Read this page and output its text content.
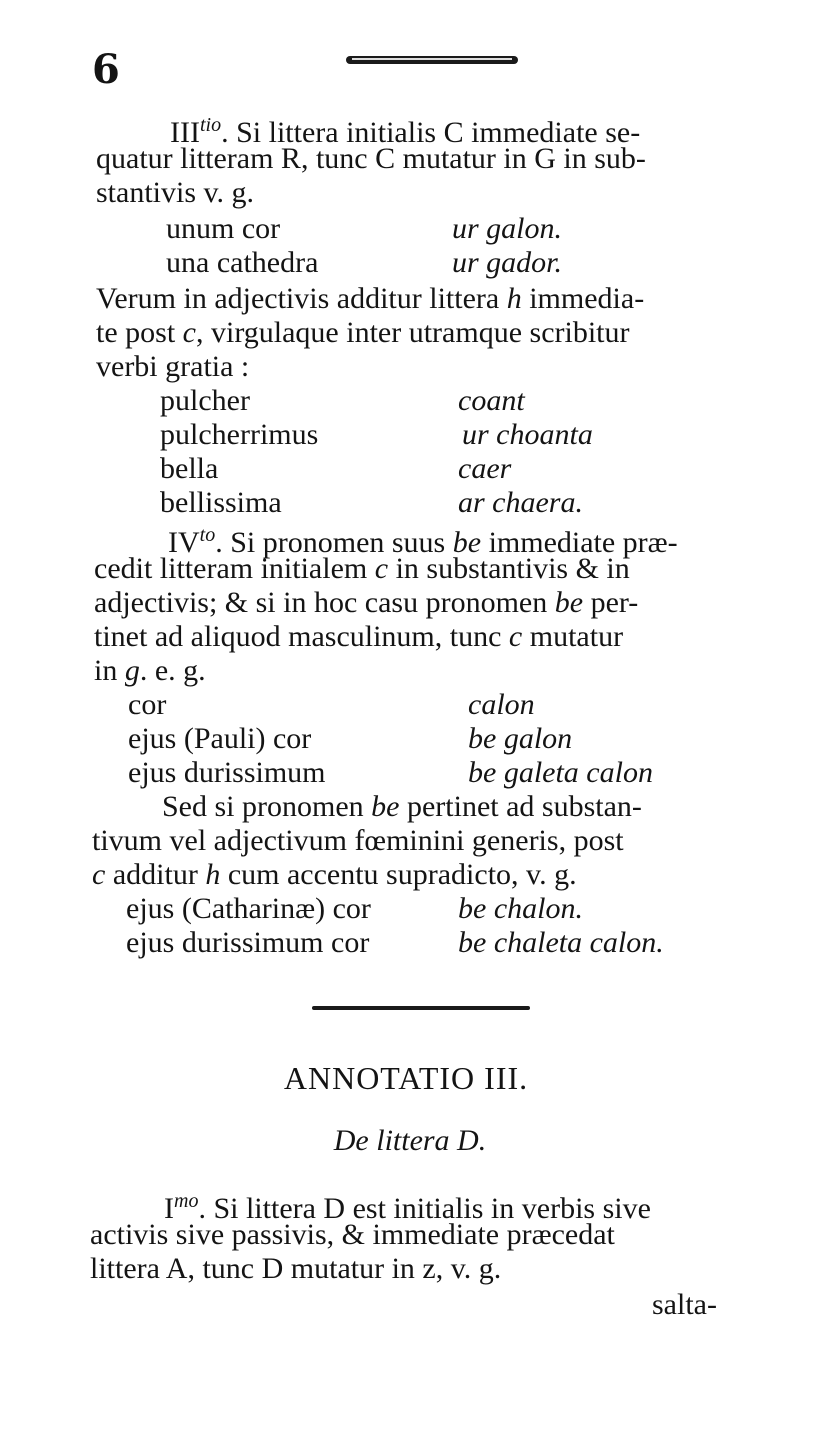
6
$III^{tio}$. Si littera initialis C immediate se-
quatur litteram R, tunc C mutatur in G in sub-
stantivis v. g.
unum cor	ur galon.
una cathedra	ur gador.
Verum in adjectivis additur littera h immedia-
te post c, virgulaque inter utramque scribitur
verbi gratia :
pulcher	coant
pulcherrimus	ur choanta
bella	caer
bellissima	ar chaera.
$IV^{to}$. Si pronomen suus be immediate præ-
cedit litteram initialem c in substantivis & in
adjectivis; & si in hoc casu pronomen be per-
tinet ad aliquod masculinum, tunc c mutatur
in g. e. g.
cor	calon
ejus (Pauli) cor	be galon
ejus durissimum	be galeta calon
Sed si pronomen be pertinet ad substan-
tivum vel adjectivum fœminini generis, post
c additur h cum accentu supradicto, v. g.
ejus (Catharinæ) cor	be chalon.
ejus durissimum cor	be chaleta calon.
ANNOTATIO III.
De littera D.
$I^{mo}$. Si littera D est initialis in verbis sive
activis sive passivis, & immediate præcedat
littera A, tunc D mutatur in z, v. g.
salta-
